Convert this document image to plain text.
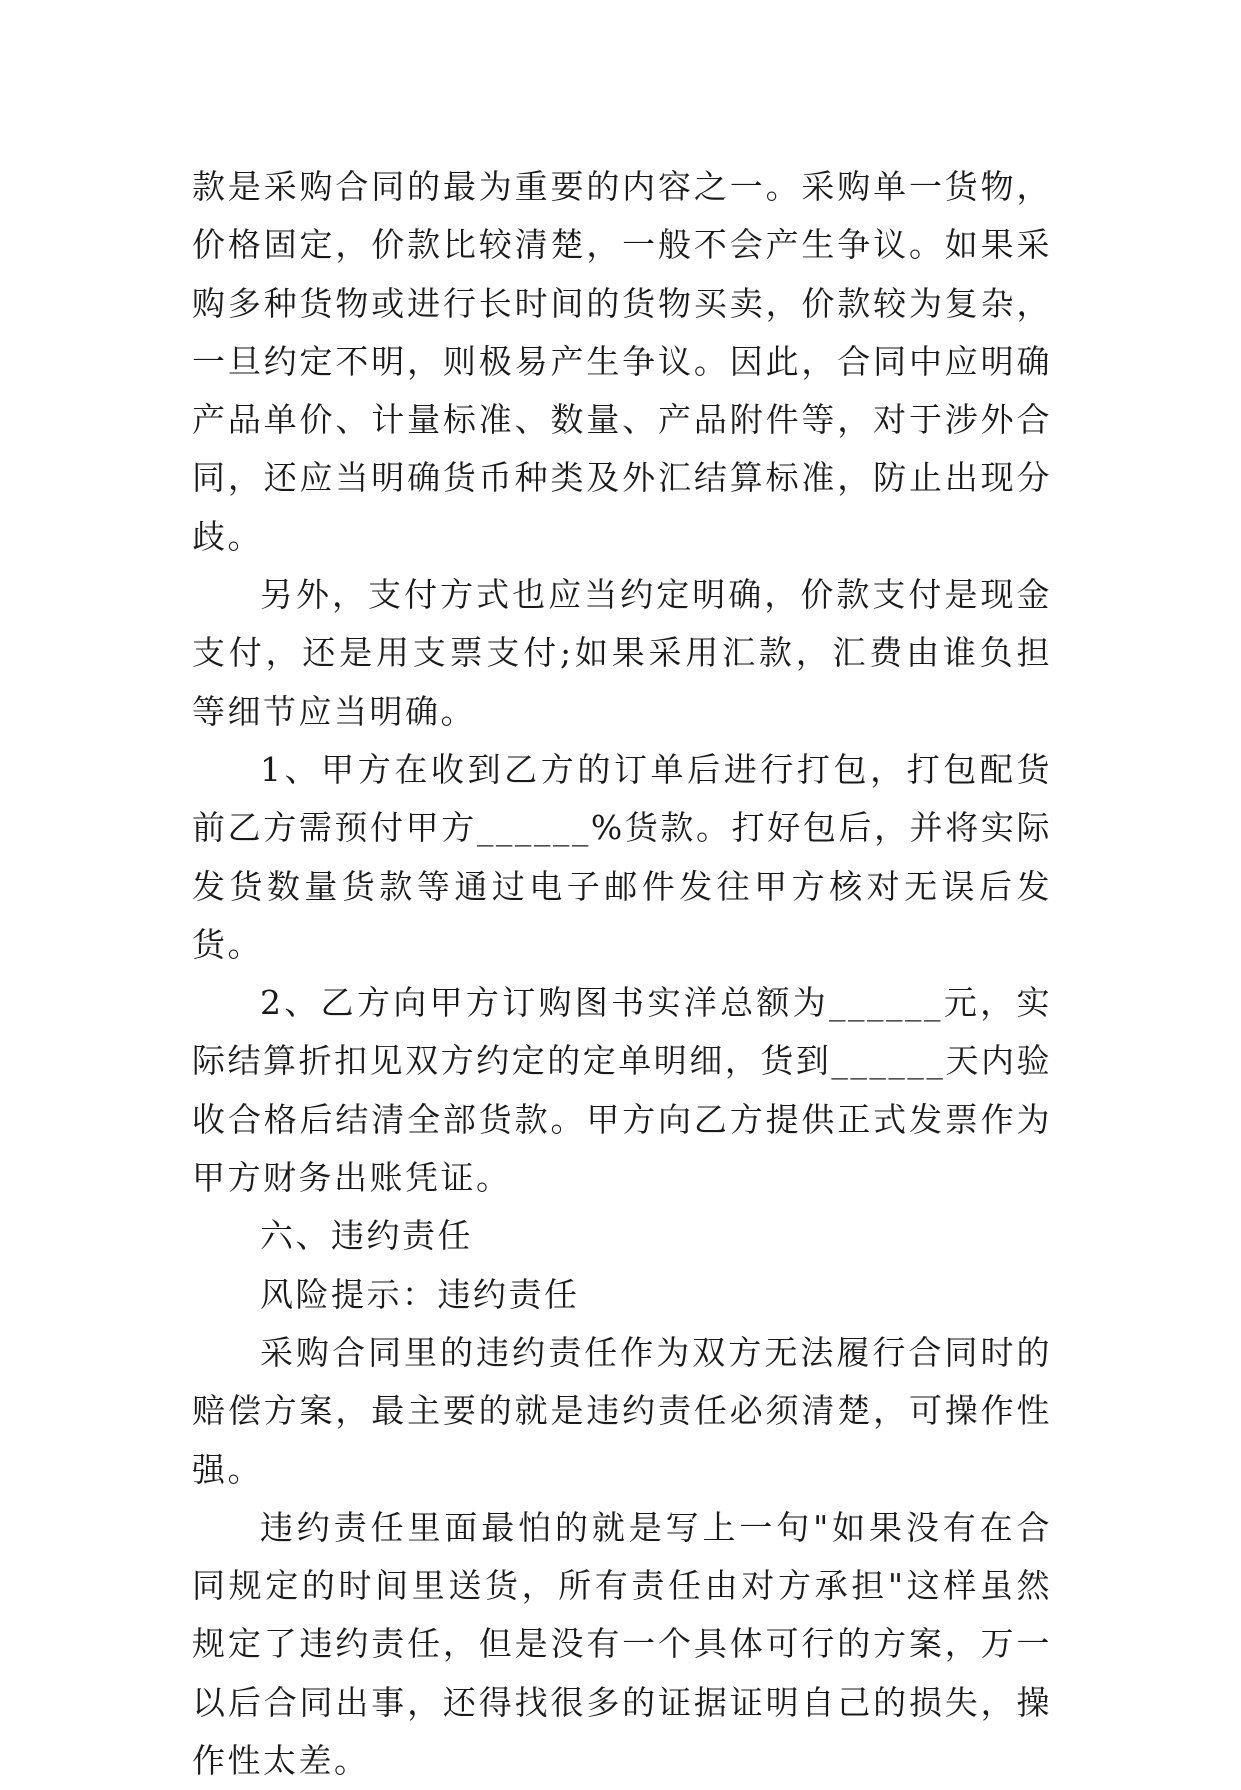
款是采购合同的最为重要的内容之一。采购单一货物，价格固定，价款比较清楚，一般不会产生争议。如果采购多种货物或进行长时间的货物买卖，价款较为复杂，一旦约定不明，则极易产生争议。因此，合同中应明确产品单价、计量标准、数量、产品附件等，对于涉外合同，还应当明确货币种类及外汇结算标准，防止出现分歧。

另外，支付方式也应当约定明确，价款支付是现金支付，还是用支票支付;如果采用汇款，汇费由谁负担等细节应当明确。

1、甲方在收到乙方的订单后进行打包，打包配货前乙方需预付甲方______%货款。打好包后，并将实际发货数量货款等通过电子邮件发往甲方核对无误后发货。

2、乙方向甲方订购图书实洋总额为______元，实际结算折扣见双方约定的定单明细，货到______天内验收合格后结清全部货款。甲方向乙方提供正式发票作为甲方财务出账凭证。

六、违约责任

风险提示：违约责任

采购合同里的违约责任作为双方无法履行合同时的赔偿方案，最主要的就是违约责任必须清楚，可操作性强。

违约责任里面最怕的就是写上一句"如果没有在合同规定的时间里送货，所有责任由对方承担"这样虽然规定了违约责任，但是没有一个具体可行的方案，万一以后合同出事，还得找很多的证据证明自己的损失，操作性太差。
